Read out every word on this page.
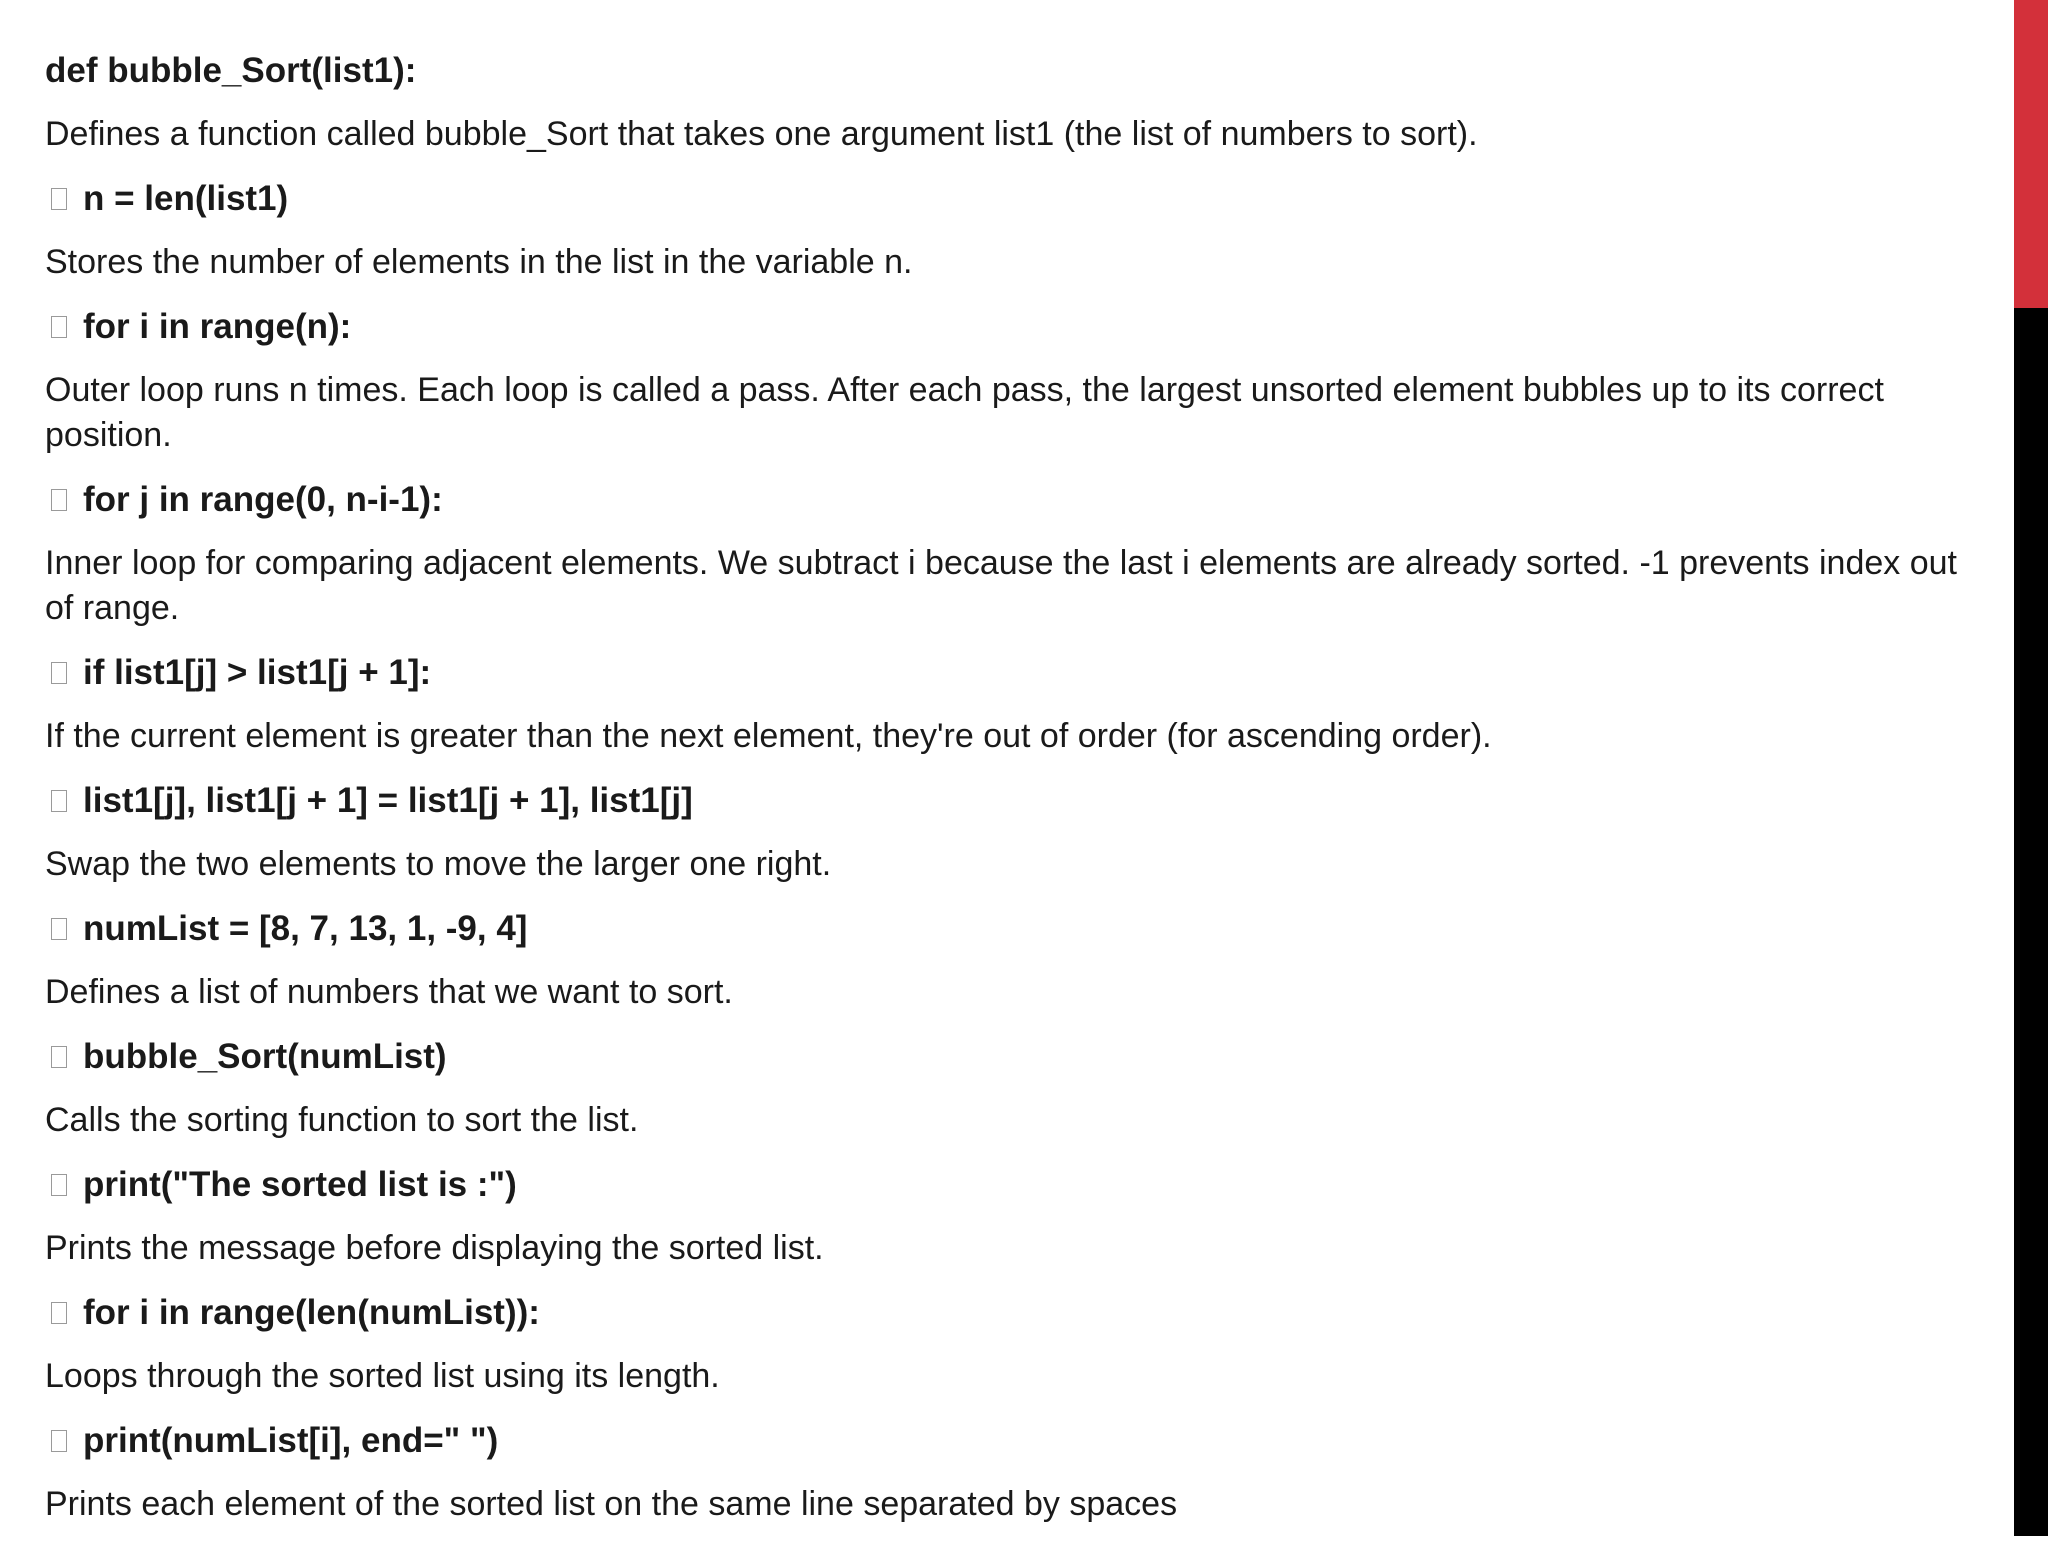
def bubble_Sort(list1):

Defines a function called bubble_Sort that takes one argument list1 (the list of numbers to sort).

n = len(list1)

Stores the number of elements in the list in the variable n.

for i in range(n):

Outer loop runs n times. Each loop is called a pass. After each pass, the largest unsorted element bubbles up to its correct position.

for j in range(0, n-i-1):

Inner loop for comparing adjacent elements. We subtract i because the last i elements are already sorted. -1 prevents index out of range.

if list1[j] > list1[j + 1]:

If the current element is greater than the next element, they're out of order (for ascending order).

list1[j], list1[j + 1] = list1[j + 1], list1[j]

Swap the two elements to move the larger one right.

numList = [8, 7, 13, 1, -9, 4]

Defines a list of numbers that we want to sort.

bubble_Sort(numList)

Calls the sorting function to sort the list.

print("The sorted list is :")

Prints the message before displaying the sorted list.

for i in range(len(numList)):

Loops through the sorted list using its length.

print(numList[i], end=" ")

Prints each element of the sorted list on the same line separated by spaces
